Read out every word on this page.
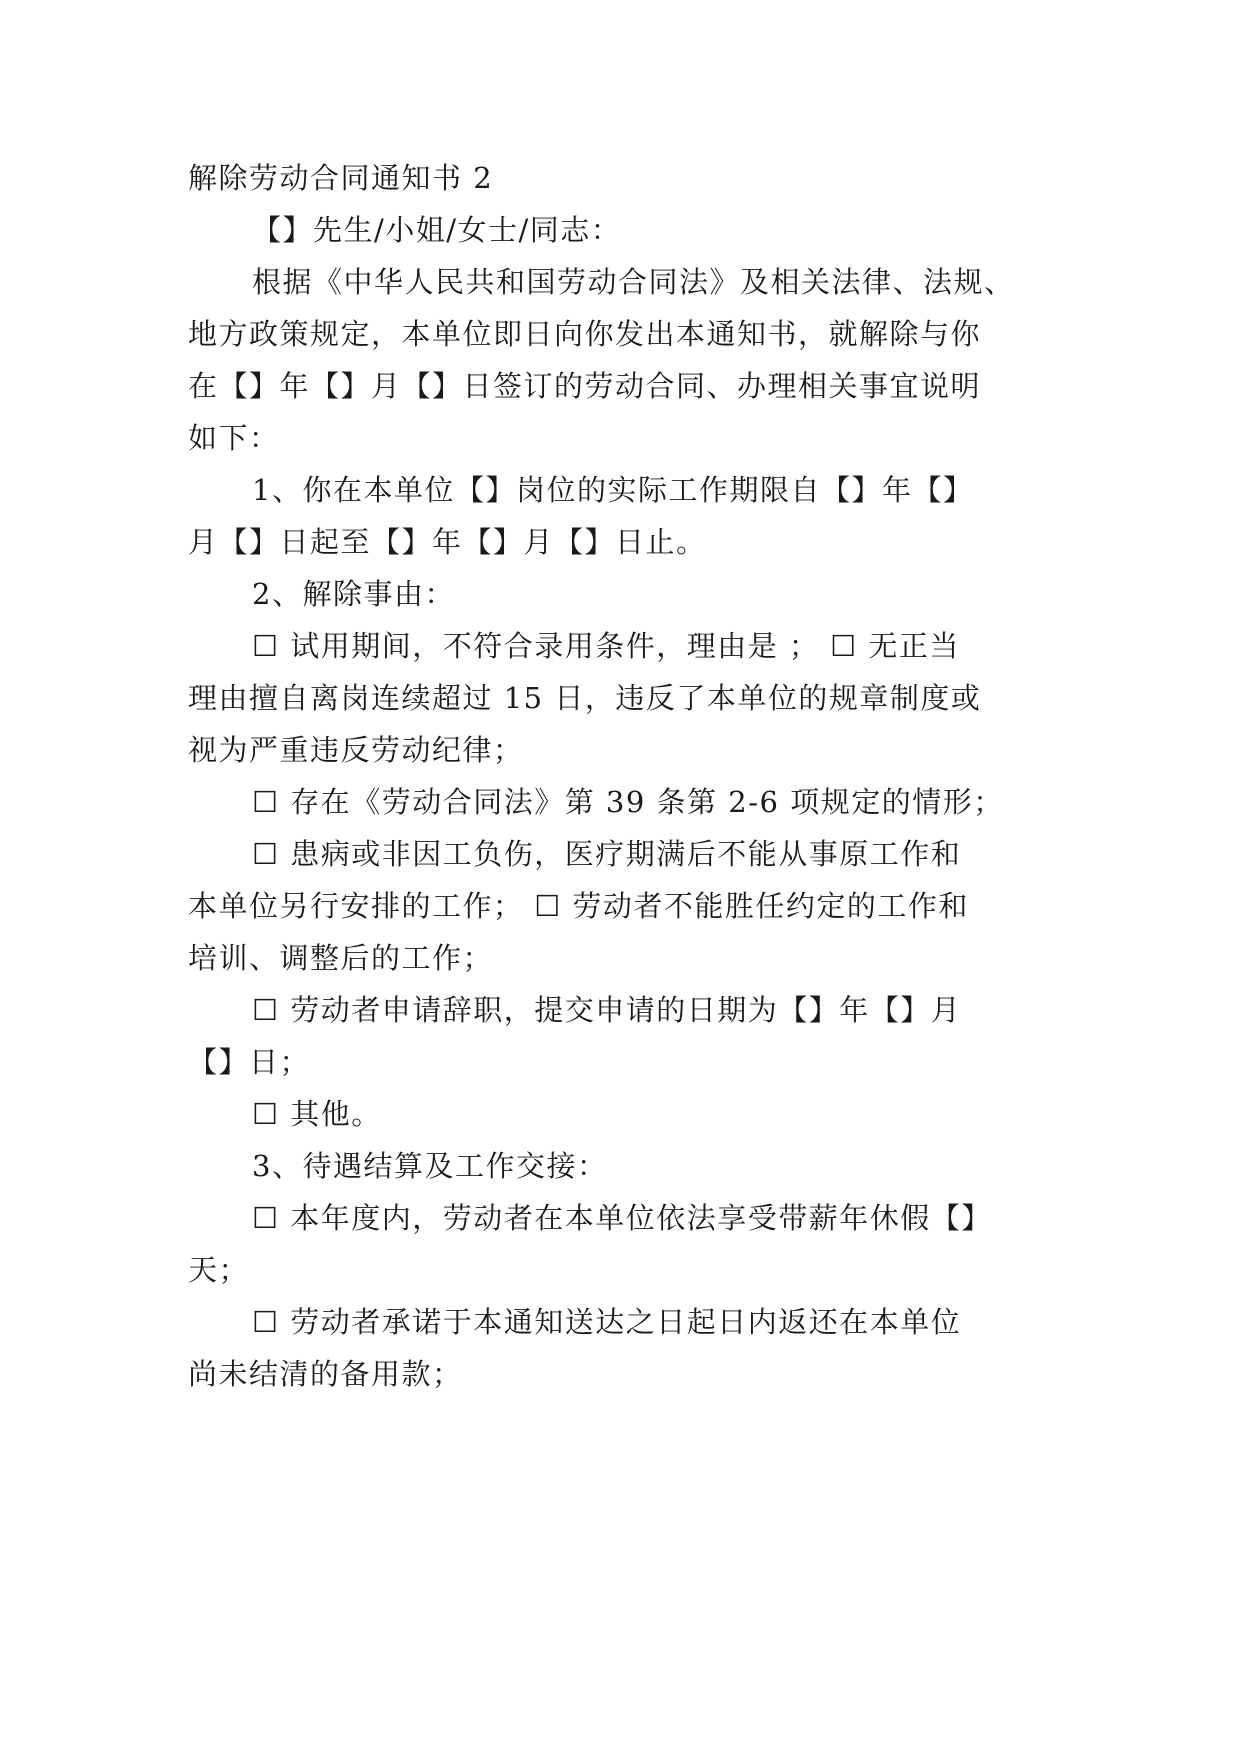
解除劳动合同通知书 2
【】先生/小姐/女士/同志：
根据《中华人民共和国劳动合同法》及相关法律、法规、
地方政策规定，本单位即日向你发出本通知书，就解除与你
在【】年【】月【】日签订的劳动合同、办理相关事宜说明
如下：
1、你在本单位【】岗位的实际工作期限自【】年【】
月【】日起至【】年【】月【】日止。
2、解除事由：
☐ 试用期间，不符合录用条件，理由是 ； ☐ 无正当
理由擅自离岗连续超过 15 日，违反了本单位的规章制度或
视为严重违反劳动纪律；
☐ 存在《劳动合同法》第 39 条第 2-6 项规定的情形；
☐ 患病或非因工负伤，医疗期满后不能从事原工作和
本单位另行安排的工作； ☐ 劳动者不能胜任约定的工作和
培训、调整后的工作；
☐ 劳动者申请辞职，提交申请的日期为【】年【】月
【】日；
☐ 其他。
3、待遇结算及工作交接：
☐ 本年度内，劳动者在本单位依法享受带薪年休假【】
天；
☐ 劳动者承诺于本通知送达之日起日内返还在本单位
尚未结清的备用款；
